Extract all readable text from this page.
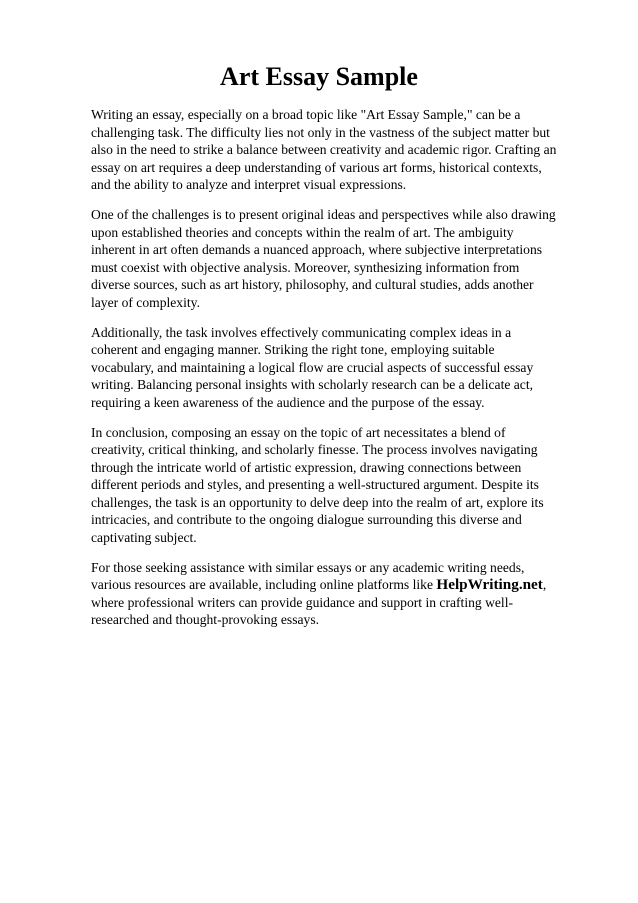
Art Essay Sample

Writing an essay, especially on a broad topic like "Art Essay Sample," can be a challenging task. The difficulty lies not only in the vastness of the subject matter but also in the need to strike a balance between creativity and academic rigor. Crafting an essay on art requires a deep understanding of various art forms, historical contexts, and the ability to analyze and interpret visual expressions.

One of the challenges is to present original ideas and perspectives while also drawing upon established theories and concepts within the realm of art. The ambiguity inherent in art often demands a nuanced approach, where subjective interpretations must coexist with objective analysis. Moreover, synthesizing information from diverse sources, such as art history, philosophy, and cultural studies, adds another layer of complexity.

Additionally, the task involves effectively communicating complex ideas in a coherent and engaging manner. Striking the right tone, employing suitable vocabulary, and maintaining a logical flow are crucial aspects of successful essay writing. Balancing personal insights with scholarly research can be a delicate act, requiring a keen awareness of the audience and the purpose of the essay.

In conclusion, composing an essay on the topic of art necessitates a blend of creativity, critical thinking, and scholarly finesse. The process involves navigating through the intricate world of artistic expression, drawing connections between different periods and styles, and presenting a well-structured argument. Despite its challenges, the task is an opportunity to delve deep into the realm of art, explore its intricacies, and contribute to the ongoing dialogue surrounding this diverse and captivating subject.

For those seeking assistance with similar essays or any academic writing needs, various resources are available, including online platforms like HelpWriting.net, where professional writers can provide guidance and support in crafting well-researched and thought-provoking essays.
